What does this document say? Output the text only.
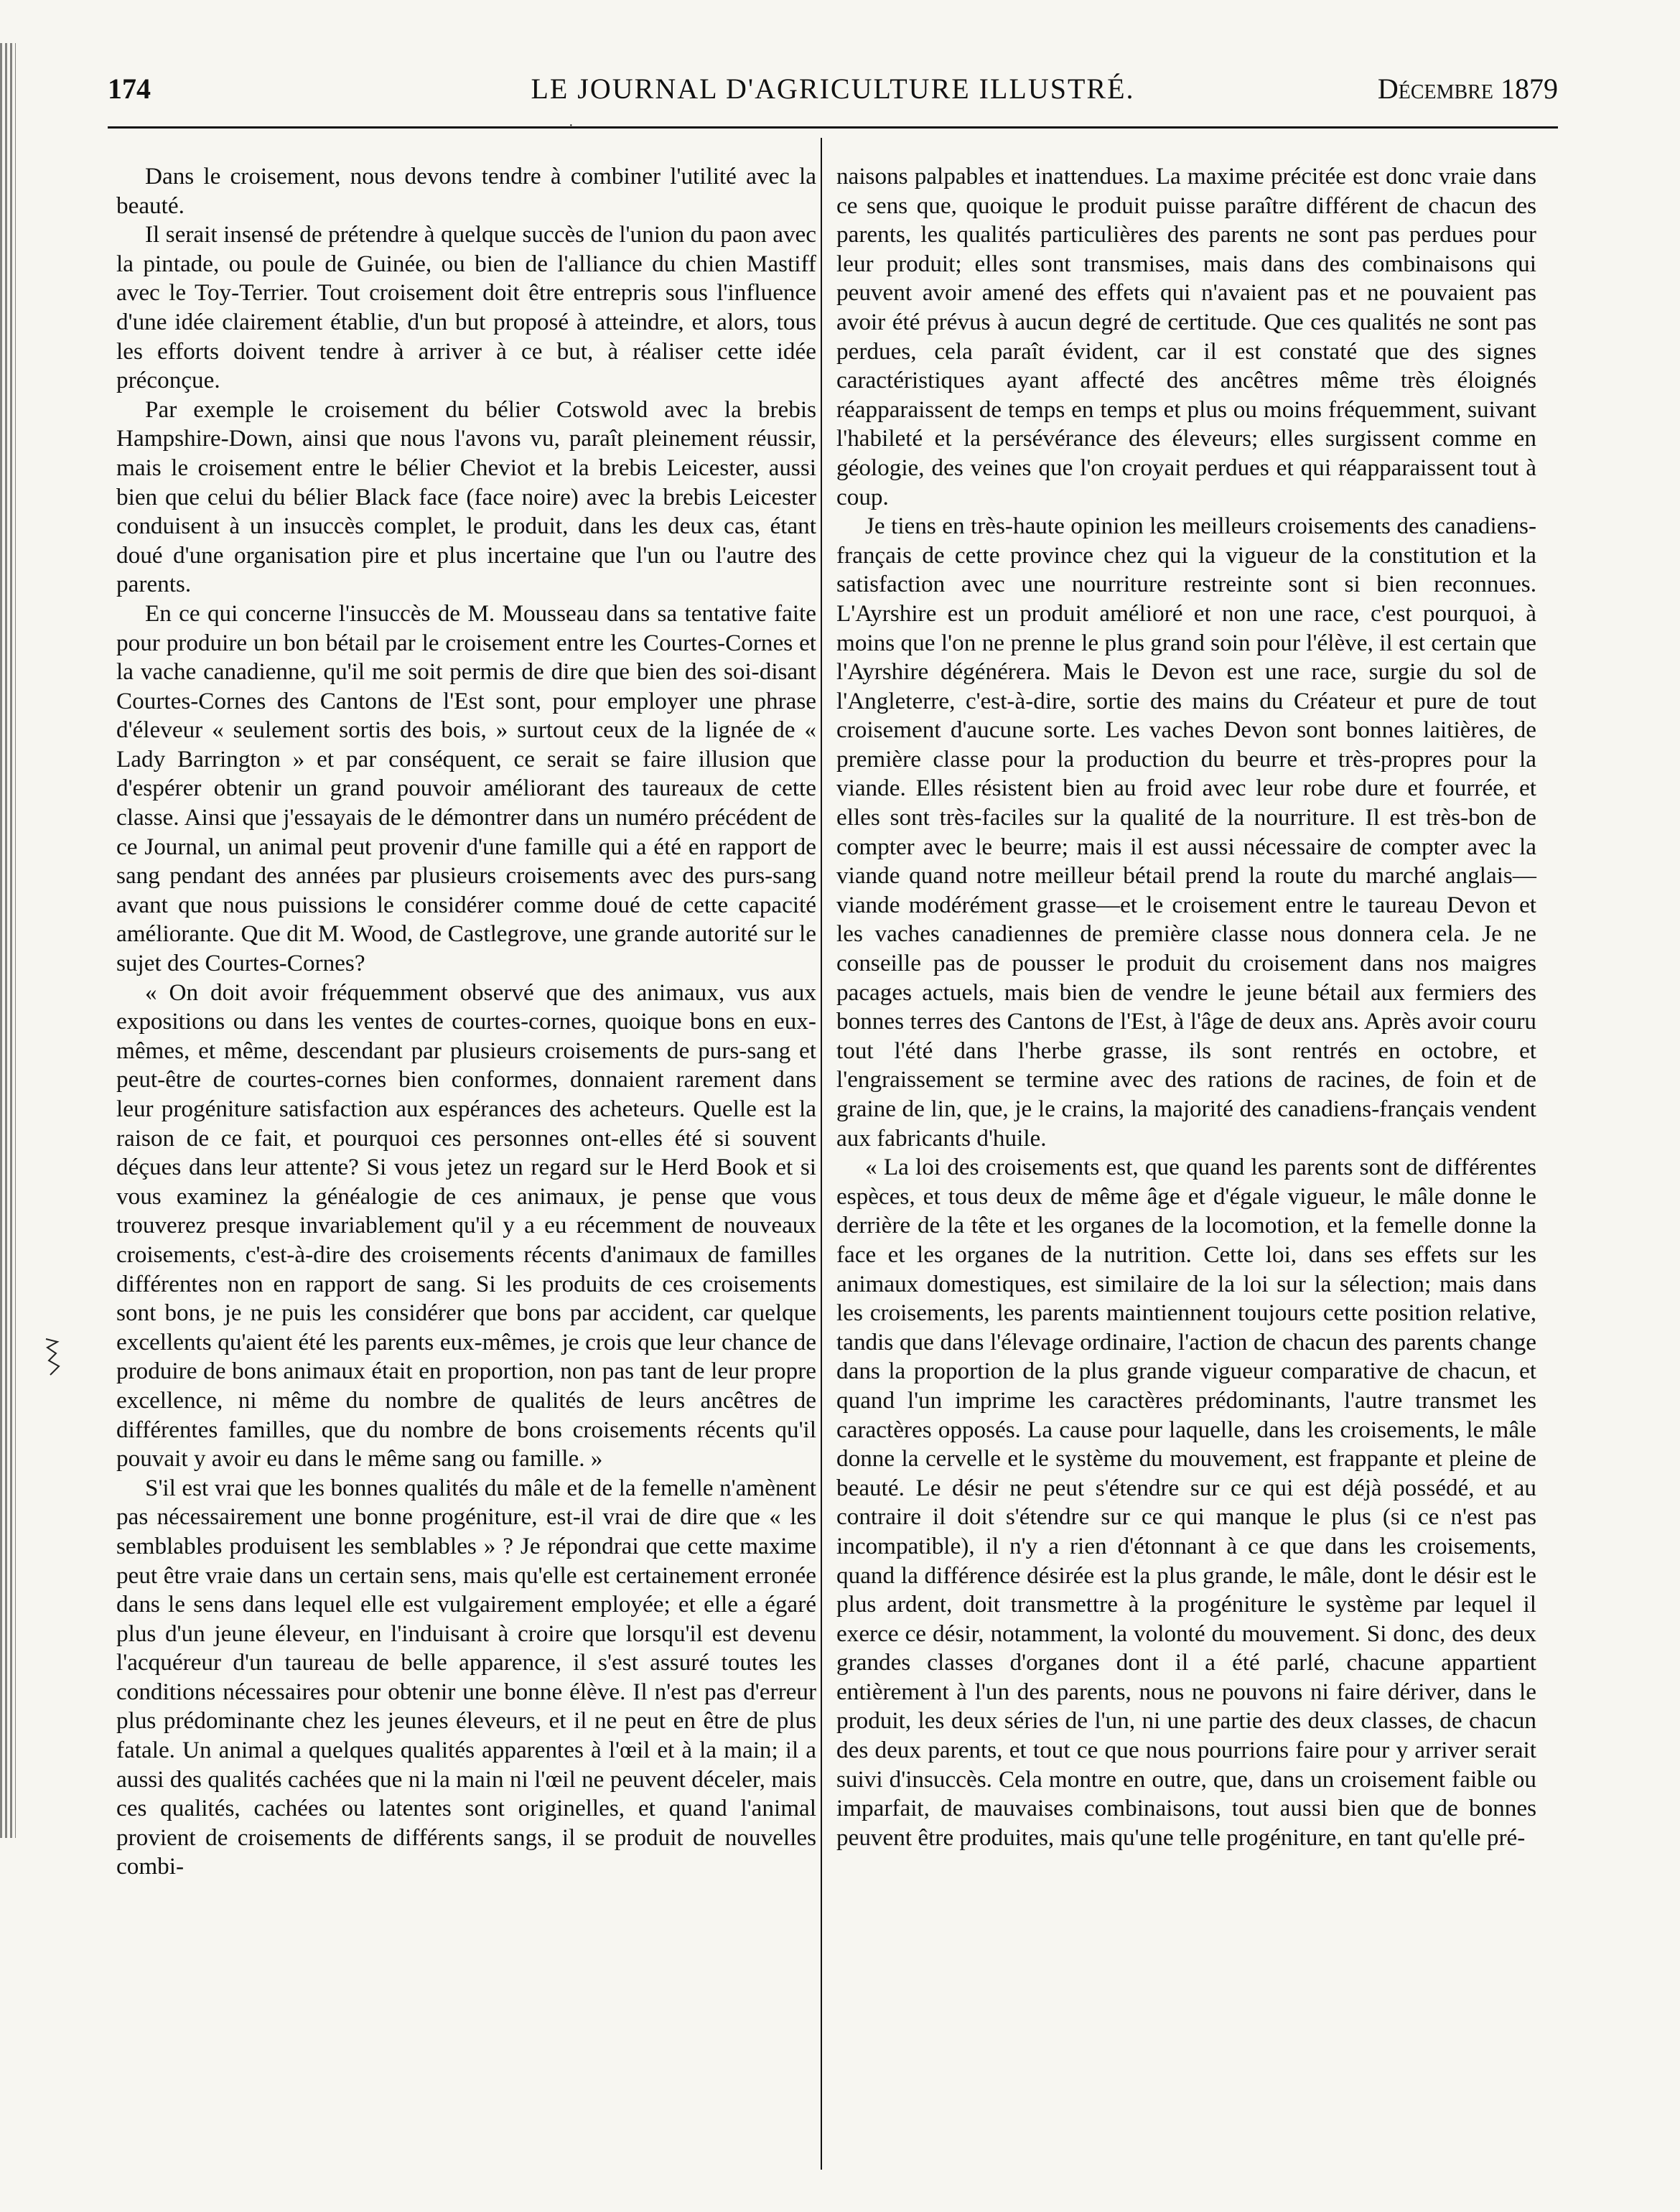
174	LE JOURNAL D'AGRICULTURE ILLUSTRÉ.	Décembre 1879
·

Dans le croisement, nous devons tendre à combiner l'utilité avec la beauté.

Il serait insensé de prétendre à quelque succès de l'union du paon avec la pintade, ou poule de Guinée, ou bien de l'alliance du chien Mastiff avec le Toy-Terrier. Tout croisement doit être entrepris sous l'influence d'une idée clairement établie, d'un but proposé à atteindre, et alors, tous les efforts doivent tendre à arriver à ce but, à réaliser cette idée préconçue.

Par exemple le croisement du bélier Cotswold avec la brebis Hampshire-Down, ainsi que nous l'avons vu, paraît pleinement réussir, mais le croisement entre le bélier Cheviot et la brebis Leicester, aussi bien que celui du bélier Black face (face noire) avec la brebis Leicester conduisent à un insuccès complet, le produit, dans les deux cas, étant doué d'une organisation pire et plus incertaine que l'un ou l'autre des parents.

En ce qui concerne l'insuccès de M. Mousseau dans sa tentative faite pour produire un bon bétail par le croisement entre les Courtes-Cornes et la vache canadienne, qu'il me soit permis de dire que bien des soi-disant Courtes-Cornes des Cantons de l'Est sont, pour employer une phrase d'éleveur « seulement sortis des bois, » surtout ceux de la lignée de « Lady Barrington » et par conséquent, ce serait se faire illusion que d'espérer obtenir un grand pouvoir améliorant des taureaux de cette classe. Ainsi que j'essayais de le démontrer dans un numéro précédent de ce Journal, un animal peut provenir d'une famille qui a été en rapport de sang pendant des années par plusieurs croisements avec des purs-sang avant que nous puissions le considérer comme doué de cette capacité améliorante. Que dit M. Wood, de Castlegrove, une grande autorité sur le sujet des Courtes-Cornes?

« On doit avoir fréquemment observé que des animaux, vus aux expositions ou dans les ventes de courtes-cornes, quoique bons en eux-mêmes, et même, descendant par plusieurs croisements de purs-sang et peut-être de courtes-cornes bien conformes, donnaient rarement dans leur progéniture satisfaction aux espérances des acheteurs. Quelle est la raison de ce fait, et pourquoi ces personnes ont-elles été si souvent déçues dans leur attente? Si vous jetez un regard sur le Herd Book et si vous examinez la généalogie de ces animaux, je pense que vous trouverez presque invariablement qu'il y a eu récemment de nouveaux croisements, c'est-à-dire des croisements récents d'animaux de familles différentes non en rapport de sang. Si les produits de ces croisements sont bons, je ne puis les considérer que bons par accident, car quelque excellents qu'aient été les parents eux-mêmes, je crois que leur chance de produire de bons animaux était en proportion, non pas tant de leur propre excellence, ni même du nombre de qualités de leurs ancêtres de différentes familles, que du nombre de bons croisements récents qu'il pouvait y avoir eu dans le même sang ou famille. »

S'il est vrai que les bonnes qualités du mâle et de la femelle n'amènent pas nécessairement une bonne progéniture, est-il vrai de dire que « les semblables produisent les semblables » ? Je répondrai que cette maxime peut être vraie dans un certain sens, mais qu'elle est certainement erronée dans le sens dans lequel elle est vulgairement employée; et elle a égaré plus d'un jeune éleveur, en l'induisant à croire que lorsqu'il est devenu l'acquéreur d'un taureau de belle apparence, il s'est assuré toutes les conditions nécessaires pour obtenir une bonne élève. Il n'est pas d'erreur plus prédominante chez les jeunes éleveurs, et il ne peut en être de plus fatale. Un animal a quelques qualités apparentes à l'œil et à la main; il a aussi des qualités cachées que ni la main ni l'œil ne peuvent déceler, mais ces qualités, cachées ou latentes sont originelles, et quand l'animal provient de croisements de différents sangs, il se produit de nouvelles combi-

naisons palpables et inattendues. La maxime précitée est donc vraie dans ce sens que, quoique le produit puisse paraître différent de chacun des parents, les qualités particulières des parents ne sont pas perdues pour leur produit; elles sont transmises, mais dans des combinaisons qui peuvent avoir amené des effets qui n'avaient pas et ne pouvaient pas avoir été prévus à aucun degré de certitude. Que ces qualités ne sont pas perdues, cela paraît évident, car il est constaté que des signes caractéristiques ayant affecté des ancêtres même très éloignés réapparaissent de temps en temps et plus ou moins fréquemment, suivant l'habileté et la persévérance des éleveurs; elles surgissent comme en géologie, des veines que l'on croyait perdues et qui réapparaissent tout à coup.

Je tiens en très-haute opinion les meilleurs croisements des canadiens-français de cette province chez qui la vigueur de la constitution et la satisfaction avec une nourriture restreinte sont si bien reconnues. L'Ayrshire est un produit amélioré et non une race, c'est pourquoi, à moins que l'on ne prenne le plus grand soin pour l'élève, il est certain que l'Ayrshire dégénérera. Mais le Devon est une race, surgie du sol de l'Angleterre, c'est-à-dire, sortie des mains du Créateur et pure de tout croisement d'aucune sorte. Les vaches Devon sont bonnes laitières, de première classe pour la production du beurre et très-propres pour la viande. Elles résistent bien au froid avec leur robe dure et fourrée, et elles sont très-faciles sur la qualité de la nourriture. Il est très-bon de compter avec le beurre; mais il est aussi nécessaire de compter avec la viande quand notre meilleur bétail prend la route du marché anglais—viande modérément grasse—et le croisement entre le taureau Devon et les vaches canadiennes de première classe nous donnera cela. Je ne conseille pas de pousser le produit du croisement dans nos maigres pacages actuels, mais bien de vendre le jeune bétail aux fermiers des bonnes terres des Cantons de l'Est, à l'âge de deux ans. Après avoir couru tout l'été dans l'herbe grasse, ils sont rentrés en octobre, et l'engraissement se termine avec des rations de racines, de foin et de graine de lin, que, je le crains, la majorité des canadiens-français vendent aux fabricants d'huile.

« La loi des croisements est, que quand les parents sont de différentes espèces, et tous deux de même âge et d'égale vigueur, le mâle donne le derrière de la tête et les organes de la locomotion, et la femelle donne la face et les organes de la nutrition. Cette loi, dans ses effets sur les animaux domestiques, est similaire de la loi sur la sélection; mais dans les croisements, les parents maintiennent toujours cette position relative, tandis que dans l'élevage ordinaire, l'action de chacun des parents change dans la proportion de la plus grande vigueur comparative de chacun, et quand l'un imprime les caractères prédominants, l'autre transmet les caractères opposés. La cause pour laquelle, dans les croisements, le mâle donne la cervelle et le système du mouvement, est frappante et pleine de beauté. Le désir ne peut s'étendre sur ce qui est déjà possédé, et au contraire il doit s'étendre sur ce qui manque le plus (si ce n'est pas incompatible), il n'y a rien d'étonnant à ce que dans les croisements, quand la différence désirée est la plus grande, le mâle, dont le désir est le plus ardent, doit transmettre à la progéniture le système par lequel il exerce ce désir, notamment, la volonté du mouvement. Si donc, des deux grandes classes d'organes dont il a été parlé, chacune appartient entièrement à l'un des parents, nous ne pouvons ni faire dériver, dans le produit, les deux séries de l'un, ni une partie des deux classes, de chacun des deux parents, et tout ce que nous pourrions faire pour y arriver serait suivi d'insuccès. Cela montre en outre, que, dans un croisement faible ou imparfait, de mauvaises combinaisons, tout aussi bien que de bonnes peuvent être produites, mais qu'une telle progéniture, en tant qu'elle pré-
